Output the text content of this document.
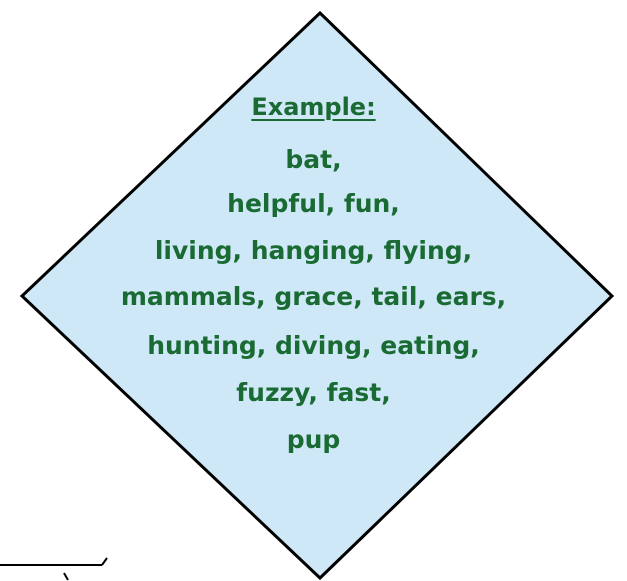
Example:
bat,
helpful, fun,
living, hanging, flying,
mammals, grace, tail, ears,
hunting, diving, eating,
fuzzy, fast,
pup
